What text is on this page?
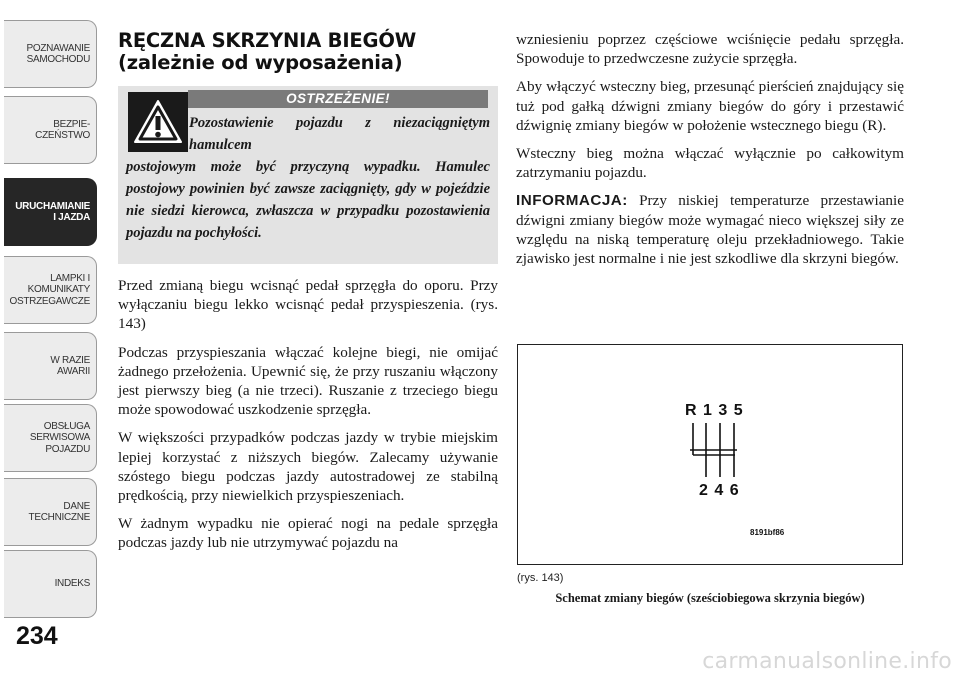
POZNAWANIE
SAMOCHODU
BEZPIE-
CZEŃSTWO
URUCHAMIANIE
I JAZDA
LAMPKI I
KOMUNIKATY
OSTRZEGAWCZE
W RAZIE
AWARII
OBSŁUGA
SERWISOWA
POJAZDU
DANE
TECHNICZNE
INDEKS
234
RĘCZNA SKRZYNIA BIEGÓW
(zależnie od wyposażenia)
OSTRZEŻENIE!
Pozostawienie pojazdu z niezaciągniętym hamulcem
postojowym może być przyczyną wypadku. Hamulec postojowy powinien być zawsze zaciągnięty, gdy w pojeździe nie siedzi kierowca, zwłaszcza w przypadku pozostawienia pojazdu na pochyłości.

Przed zmianą biegu wcisnąć pedał sprzęgła do oporu. Przy wyłączaniu biegu lekko wcisnąć pedał przyspieszenia. (rys. 143)

Podczas przyspieszania włączać kolejne biegi, nie omijać żadnego przełożenia. Upewnić się, że przy ruszaniu włączony jest pierwszy bieg (a nie trzeci). Ruszanie z trzeciego biegu może spowodować uszkodzenie sprzęgła.

W większości przypadków podczas jazdy w trybie miejskim lepiej korzystać z niższych biegów. Zalecamy używanie szóstego biegu podczas jazdy autostradowej ze stabilną prędkością, przy niewielkich przyspieszeniach.

W żadnym wypadku nie opierać nogi na pedale sprzęgła podczas jazdy lub nie utrzymywać pojazdu na

wzniesieniu poprzez częściowe wciśnięcie pedału sprzęgła. Spowoduje to przedwczesne zużycie sprzęgła.

Aby włączyć wsteczny bieg, przesunąć pierścień znajdujący się tuż pod gałką dźwigni zmiany biegów do góry i przestawić dźwignię zmiany biegów w położenie wstecznego biegu (R).

Wsteczny bieg można włączać wyłącznie po całkowitym zatrzymaniu pojazdu.

INFORMACJA: Przy niskiej temperaturze przestawianie dźwigni zmiany biegów może wymagać nieco większej siły ze względu na niską temperaturę oleju przekładniowego. Takie zjawisko jest normalne i nie jest szkodliwe dla skrzyni biegów.

R 1 3 5
2 4 6
8191bf86
(rys. 143)
Schemat zmiany biegów (sześciobiegowa skrzynia biegów)
carmanualsonline.info
